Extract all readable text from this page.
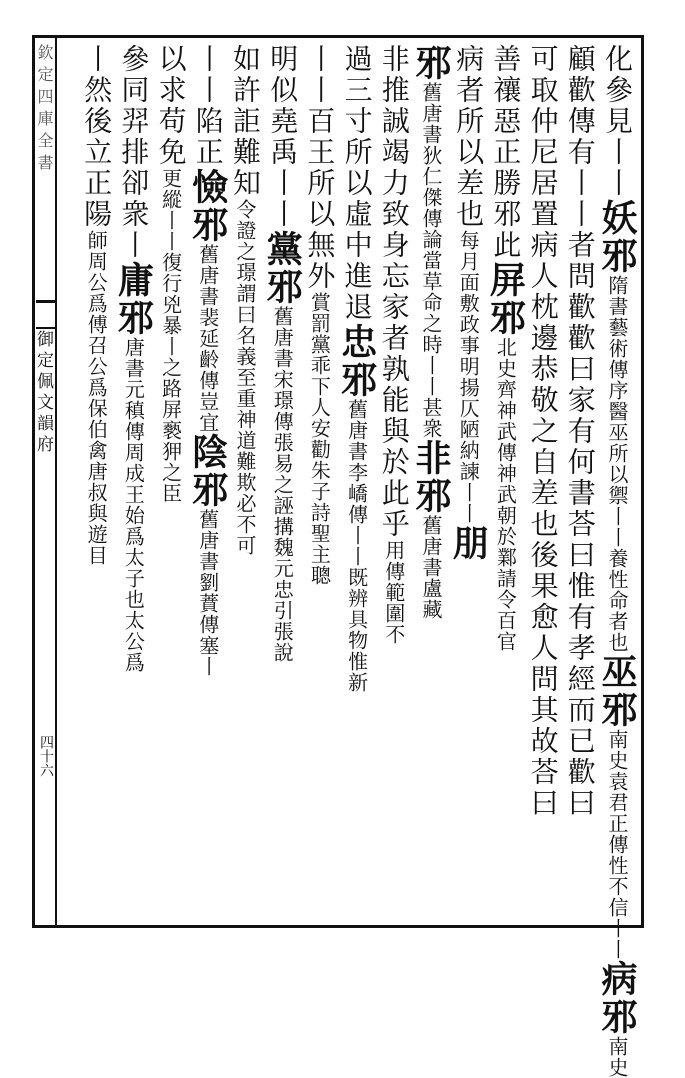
欽定四庫全書
御定佩文韻府
四十六
化參見丨丨妖邪隋書藝術傳序醫巫所以禦丨丨養性命者也巫邪南史袁君正傳性不信丨丨病邪南史
顧歡傳有丨丨者問歡歡曰家有何書荅曰惟有孝經而已歡曰
可取仲尼居置病人枕邊恭敬之自差也後果愈人問其故荅曰
善禳惡正勝邪此屏邪北史齊神武傳神武朝於鄴請令百官
病者所以差也每月面敷政事明揚仄陋納諫丨丨朋
邪舊唐書狄仁傑傳論當草命之時丨丨甚衆非邪舊唐書盧藏
非推誠竭力致身忘家者孰能與於此乎用傳範圍不
過三寸所以虛中進退忠邪舊唐書李嶠傳丨丨既辨具物惟新
丨丨百王所以無外賞罰黨乖下人安勸朱子詩聖主聰
明似堯禹丨丨黨邪舊唐書宋璟傳張易之誣搆魏元忠引張說
如許詎難知令證之璟謂曰名義至重神道難欺必不可
丨丨陷正憸邪舊唐書裴延齡傳豈宜陰邪舊唐書劉蕡傳塞丨
以求苟免更縱丨丨復行兇暴丨之路屏褻狎之臣
參同羿排卻衆丨庸邪唐書元稹傳周成王始爲太子也太公爲
丨然後立正陽師周公爲傅召公爲保伯禽唐叔與遊目
